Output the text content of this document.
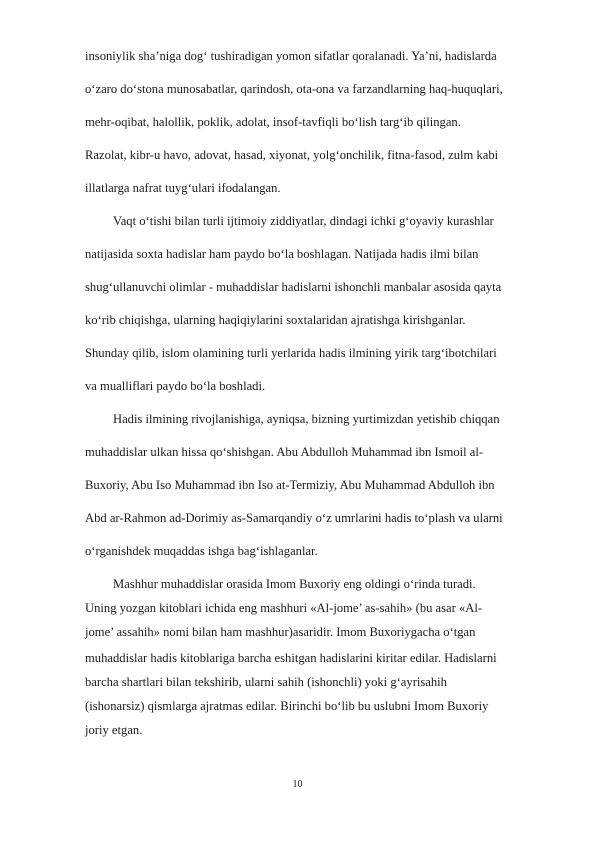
insoniylik sha’niga dog‘ tushiradigan yomon sifatlar qoralanadi. Ya’ni, hadislarda
o‘zaro do‘stona munosabatlar, qarindosh, ota-ona va farzandlarning haq-huquqlari,
mehr-oqibat, halollik, poklik, adolat, insof-tavfiqli bo‘lish targ‘ib qilingan.
Razolat, kibr-u havo, adovat, hasad, xiyonat, yolg‘onchilik, fitna-fasod, zulm kabi
illatlarga nafrat tuyg‘ulari ifodalangan.
Vaqt o‘tishi bilan turli ijtimoiy ziddiyatlar, dindagi ichki g‘oyaviy kurashlar
natijasida soxta hadislar ham paydo bo‘la boshlagan. Natijada hadis ilmi bilan
shug‘ullanuvchi olimlar - muhaddislar hadislarni ishonchli manbalar asosida qayta
ko‘rib chiqishga, ularning haqiqiylarini soxtalaridan ajratishga kirishganlar.
Shunday qilib, islom olamining turli yerlarida hadis ilmining yirik targ‘ibotchilari
va mualliflari paydo bo‘la boshladi.
Hadis ilmining rivojlanishiga, ayniqsa, bizning yurtimizdan yetishib chiqqan
muhaddislar ulkan hissa qo‘shishgan. Abu Abdulloh Muhammad ibn Ismoil al-
Buxoriy, Abu Iso Muhammad ibn Iso at-Termiziy, Abu Muhammad Abdulloh ibn
Abd ar-Rahmon ad-Dorimiy as-Samarqandiy o‘z umrlarini hadis to‘plash va ularni
o‘rganishdek muqaddas ishga bag‘ishlaganlar.
Mashhur muhaddislar orasida Imom Buxoriy eng oldingi o‘rinda turadi.
Uning yozgan kitoblari ichida eng mashhuri «Al-jome’ as-sahih» (bu asar «Al-
jome’ assahih» nomi bilan ham mashhur)asaridir. Imom Buxoriygacha o‘tgan
muhaddislar hadis kitoblariga barcha eshitgan hadislarini kiritar edilar. Hadislarni
barcha shartlari bilan tekshirib, ularni sahih (ishonchli) yoki g‘ayrisahih
(ishonarsiz) qismlarga ajratmas edilar. Birinchi bo‘lib bu uslubni Imom Buxoriy
joriy etgan.
10
